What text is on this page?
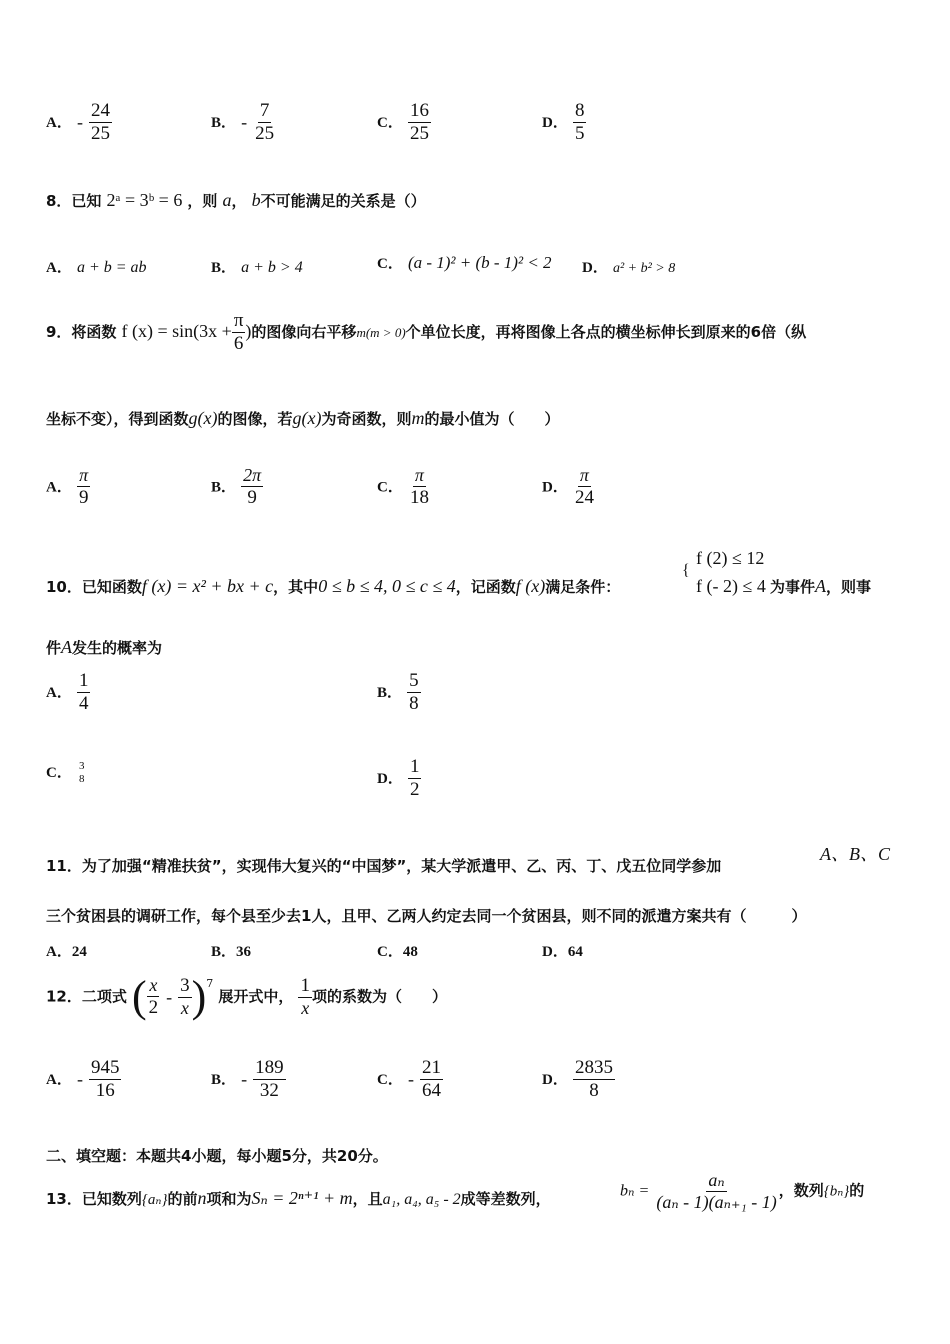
A． - $\frac{24}{25}$	B． - $\frac{7}{25}$	C． $\frac{16}{25}$	D． $\frac{8}{5}$
8．已知 2ᵃ = 3ᵇ = 6 ，则 a， b不可能满足的关系是（）
A． a + b = ab	B． a + b > 4	C． (a - 1)² + (b - 1)² < 2 D． a² + b² > 8
9．将函数 f $(x) = \sin(3x + \frac{\pi}{6}$ )的图像向右平移m(m > 0)个单位长度，再将图像上各点的横坐标伸长到原来的6倍（纵
坐标不变），得到函数g(x)的图像，若g(x)为奇函数，则m的最小值为（　　）
A． $\frac{\pi}{9}$	B． $\frac{2\pi}{9}$	C． $\frac{\pi}{18}$	D． $\frac{\pi}{24}$
10．已知函数f (x) = x² + bx + c，其中0 ≤ b ≤ 4, 0 ≤ c ≤ 4，记函数f (x)满足条件：
{
f (2) ≤ 12
f (- 2) ≤ 4 为事件A，则事
件A发生的概率为
A． $\frac{1}{4}$	B． $\frac{5}{8}$
C． 3
8	D． $\frac{1}{2}$
11．为了加强“精准扶贫”，实现伟大复兴的“中国梦”，某大学派遣甲、乙、丙、丁、戊五位同学参加
A、B、C
三个贫困县的调研工作，每个县至少去1人，且甲、乙两人约定去同一个贫困县，则不同的派遣方案共有（　　　）
A．24	B．36	C．48	D．64
12．二项式 ( $\frac{x}{2} - \frac{3}{x}$ ) 7
展开式中， $\frac{1}{x}$ 项的系数为（　　）
A． - $\frac{945}{16}$	B． - $\frac{189}{32}$	C． - $\frac{21}{64}$	D． $\frac{2835}{8}$
二、填空题：本题共4小题，每小题5分，共20分。
13．已知数列{aₙ}的前n项和为Sₙ = 2ⁿ⁺¹ + m，且a₁, a₄, a₅ - 2成等差数列，	$b_n = \frac{\text{aₙ}}{\text{(aₙ - 1)(aₙ₊₁ - 1)}}$ ，数列{bₙ}的
